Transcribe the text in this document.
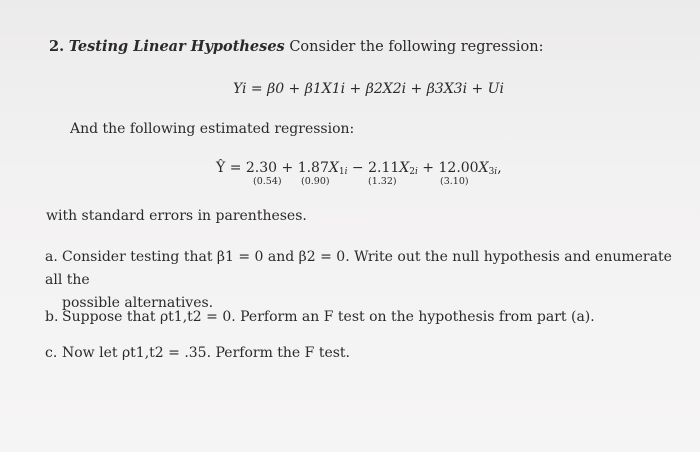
2. Testing Linear Hypotheses Consider the following regression:
Yi = β0 + β1X1i + β2X2i + β3X3i + Ui
And the following estimated regression:
Ŷ = $2.30 + 1.87X_{1i} - 2.11X_{2i} + 12.00X_{3i}$,
(0.54) (0.90)	(1.32)	(3.10)
with standard errors in parentheses.
a. Consider testing that β1 = 0 and β2 = 0. Write out the null hypothesis and enumerate all the
possible alternatives.
b. Suppose that ρt1,t2 = 0. Perform an F test on the hypothesis from part (a).
c. Now let ρt1,t2 = .35. Perform the F test.
